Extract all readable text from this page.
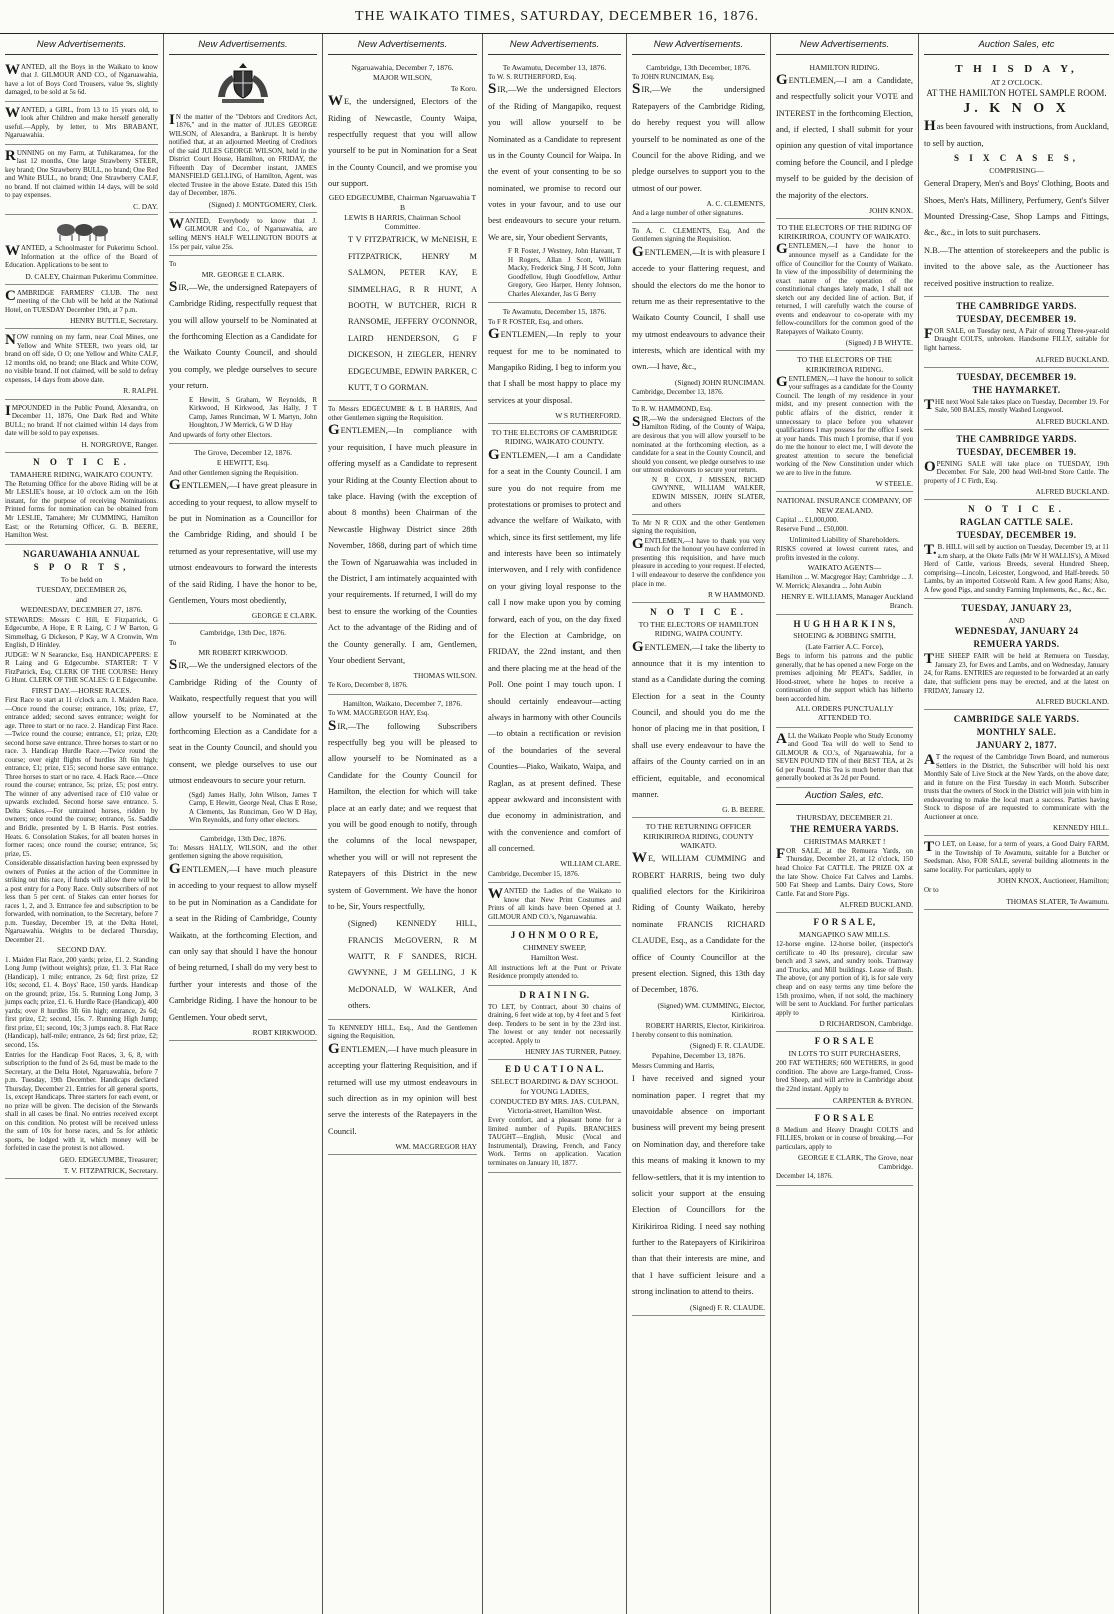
THE WAIKATO TIMES, SATURDAY, DECEMBER 16, 1876.
New Advertisements.

WANTED, all the Boys in the Waikato to know that J. GILMOUR AND CO., of Ngaruawahia, have a lot of Boys Cord Trousers, value 9s, slightly damaged, to be sold at 5s 6d.

WANTED, a GIRL, from 13 to 15 years old, to look after Children and make herself generally useful.—Apply, by letter, to Mrs BRABANT, Ngaruawahia.

RUNNING on my Farm, at Tuhikaramea, for the last 12 months, One large Strawberry STEER, key brand; One Strawberry BULL, no brand; One Red and White BULL, no brand; One Strawberry CALF, no brand. If not claimed within 14 days, will be sold to pay expenses.

C. DAY.

WANTED, a Schoolmaster for Pukerimu School. Information at the office of the Board of Education. Applications to be sent to

D. CALEY, Chairman Pukerimu Committee.

CAMBRIDGE FARMERS' CLUB. The next meeting of the Club will be held at the National Hotel, on TUESDAY December 19th, at 7 p.m.

HENRY BUTTLE, Secretary.

NOW running on my farm, near Coal Mines, one Yellow and White STEER, two years old, tar brand on off side, O O; one Yellow and White CALF, 12 months old, no brand; one Black and White COW, no visible brand. If not claimed, will be sold to defray expenses, 14 days from above date.

R. RALPH.

IMPOUNDED in the Public Pound, Alexandra, on December 11, 1876, One Dark Red and White BULL; no brand. If not claimed within 14 days from date will be sold to pay expenses.

H. NORGROVE, Ranger.
N O T I C E.
TAMAHERE RIDING, WAIKATO COUNTY.

The Returning Office for the above Riding will be at Mr LESLIE's house, at 10 o'clock a.m on the 16th instant, for the purpose of receiving Nominations. Printed forms for nomination can be obtained from Mr LESLIE, Tamahere; Mr CUMMING, Hamilton East; or the Returning Officer, G. B. BEERE, Hamilton West.

NGARUAWAHIA ANNUAL
S P O R T S,
To be held on
TUESDAY, DECEMBER 26,
and
WEDNESDAY, DECEMBER 27, 1876.

STEWARDS: Messrs C Hill, E Fitzpatrick, G Edgecumbe, A Hope, E R Laing, C J W Barton, G Simmelhag, G Dickeson, P Kay, W A Cronwin, Wm English, D Hinkley.

JUDGE: W N Searancke, Esq. HANDICAPPERS: E R Laing and G Edgecumbe. STARTER: T V FitzPatrick, Esq. CLERK OF THE COURSE: Henry G Hunt. CLERK OF THE SCALES: G E Edgecumbe.

FIRST DAY.—HORSE RACES.

First Race to start at 11 o'clock a.m. 1. Maiden Race.—Once round the course; entrance, 10s; prize, £7, entrance added; second saves entrance; weight for age. Three to start or no race. 2. Handicap First Race.—Twice round the course; entrance, £1; prize, £20; second horse save entrance. Three horses to start or no race. 3. Handicap Hurdle Race.—Twice round the course; over eight flights of hurdles 3ft 6in high; entrance, £1; prize, £15; second horse save entrance. Three horses to start or no race. 4. Hack Race.—Once round the course; entrance, 5s; prize, £5; post entry. The winner of any advertised race of £10 value or upwards excluded. Second horse save entrance. 5. Delta Stakes.—For untrained horses, ridden by owners; once round the course; entrance, 5s. Saddle and Bridle, presented by L B Harris. Post entries. Heats. 6. Consolation Stakes, for all beaten horses in former races; once round the course; entrance, 5s; prize, £5.

Considerable dissatisfaction having been expressed by owners of Ponies at the action of the Committee in striking out this race, if funds will allow there will be a post entry for a Pony Race. Only subscribers of not less than 5 per cent. of Stakes can enter horses for races 1, 2, and 3. Entrance fee and subscription to be forwarded, with nomination, to the Secretary, before 7 p.m. Tuesday, December 19, at the Delta Hotel, Ngaruawahia. Weights to be declared Thursday, December 21.

SECOND DAY.

1. Maiden Flat Race, 200 yards; prize, £1. 2. Standing Long Jump (without weights); prize, £1. 3. Flat Race (Handicap), 1 mile; entrance, 2s 6d; first prize, £2 10s; second, £1. 4. Boys' Race, 150 yards. Handicap on the ground; prize, 15s. 5. Running Long Jump, 3 jumps each; prize, £1. 6. Hurdle Race (Handicap), 400 yards; over 8 hurdles 3ft 6in high; entrance, 2s 6d; first prize, £2; second, 15s. 7. Running High Jump; first prize, £1; second, 10s; 3 jumps each. 8. Flat Race (Handicap), half-mile; entrance, 2s 6d; first prize, £2; second, 15s.

Entries for the Handicap Foot Races, 3, 6, 8, with subscription to the fund of 2s 6d, must be made to the Secretary, at the Delta Hotel, Ngaruawahia, before 7 p.m. Tuesday, 19th December. Handicaps declared Thursday, December 21. Entries for all general sports, 1s, except Handicaps. Three starters for each event, or no prize will be given. The decision of the Stewards shall in all cases be final. No entries received except on this condition. No protest will be received unless the sum of 10s for horse races, and 5s for athletic sports, be lodged with it, which money will be forfeited in case the protest is not allowed.

GEO. EDGECUMBE, Treasurer;
T. V. FITZPATRICK, Secretary.
New Advertisements.

IN the matter of the "Debtors and Creditors Act, 1876," and in the matter of JULES GEORGE WILSON, of Alexandra, a Bankrupt. It is hereby notified that, at an adjourned Meeting of Creditors of the said JULES GEORGE WILSON, held in the District Court House, Hamilton, on FRIDAY, the Fifteenth Day of December instant, JAMES MANSFIELD GELLING, of Hamilton, Agent, was elected Trustee in the above Estate. Dated this 15th day of December, 1876.

(Signed) J. MONTGOMERY, Clerk.

WANTED, Everybody to know that J. GILMOUR and Co., of Ngaruawahia, are selling MEN'S HALF WELLINGTON BOOTS at 15s per pair, value 25s.

To

MR. GEORGE E CLARK.

SIR,—We, the undersigned Ratepayers of Cambridge Riding, respectfully request that you will allow yourself to be Nominated at the forthcoming Election as a Candidate for the Waikato County Council, and should you comply, we pledge ourselves to secure your return.

E Hewitt, S Graham, W Reynolds, R Kirkwood, H Kirkwood, Jas Hally, J T Camp, James Runciman, W L Martyn, John Houghton, J W Merrick, G W D Hay

And upwards of forty other Electors.

The Grove, December 12, 1876.
E HEWITT, Esq.

And other Gentlemen signing the Requisition.

GENTLEMEN,—I have great pleasure in acceding to your request, to allow myself to be put in Nomination as a Councillor for the Cambridge Riding, and should I be returned as your representative, will use my utmost endeavours to forward the interests of the said Riding. I have the honor to be, Gentlemen, Yours most obediently,

GEORGE E CLARK.
Cambridge, 13th Dec, 1876.

To

MR ROBERT KIRKWOOD.

SIR,—We the undersigned electors of the Cambridge Riding of the County of Waikato, respectfully request that you will allow yourself to be Nominated at the forthcoming Election as a Candidate for a seat in the County Council, and should you consent, we pledge ourselves to use our utmost endeavours to secure your return.

(Sgd) James Hally, John Wilson, James T Camp, E Hewitt, George Neal, Chas E Rose, A Clements, Jas Runciman, Geo W D Hay, Wm Reynolds, and forty other electors.

Cambridge, 13th Dec, 1876.

To: Messrs HALLY, WILSON, and the other gentlemen signing the above requisition,

GENTLEMEN,—I have much pleasure in acceding to your request to allow myself to be put in Nomination as a Candidate for a seat in the Riding of Cambridge, County Waikato, at the forthcoming Election, and can only say that should I have the honour of being returned, I shall do my very best to further your interests and those of the Cambridge Riding. I have the honour to be Gentlemen. Your obedt servt,

ROBT KIRKWOOD.
New Advertisements.
Ngaruawahia, December 7, 1876.
MAJOR WILSON,
Te Koro.

WE, the undersigned, Electors of the Riding of Newcastle, County Waipa, respectfully request that you will allow yourself to be put in Nomination for a Seat in the County Council, and we promise you our support.

GEO EDGECUMBE, Chairman Ngaruawahia T B
LEWIS B HARRIS, Chairman School Committee.

T V FITZPATRICK, W McNEISH, E FITZPATRICK, HENRY M SALMON, PETER KAY, E SIMMELHAG, R R HUNT, A BOOTH, W BUTCHER, RICH R RANSOME, JEFFERY O'CONNOR, LAIRD HENDERSON, G F DICKESON, H ZIEGLER, HENRY EDGECUMBE, EDWIN PARKER, C KUTT, T O GORMAN.

To Messrs EDGECUMBE & L B HARRIS, And other Gentlemen signing the Requisition.

GENTLEMEN,—In compliance with your requisition, I have much pleasure in offering myself as a Candidate to represent your Riding at the County Election about to take place. Having (with the exception of about 8 months) been Chairman of the Newcastle Highway District since 28th November, 1868, during part of which time the Town of Ngaruawahia was included in the District, I am intimately acquainted with your requirements. If returned, I will do my best to ensure the working of the Counties Act to the advantage of the Riding and of the County generally. I am, Gentlemen, Your obedient Servant,

THOMAS WILSON.

Te Koro, December 8, 1876.

Hamilton, Waikato, December 7, 1876.

To WM. MACGREGOR HAY, Esq.

SIR,—The following Subscribers respectfully beg you will be pleased to allow yourself to be Nominated as a Candidate for the County Council for Hamilton, the election for which will take place at an early date; and we request that you will be good enough to notify, through the columns of the local newspaper, whether you will or will not represent the Ratepayers of this District in the new system of Government. We have the honor to be, Sir, Yours respectfully,

(Signed) KENNEDY HILL, FRANCIS McGOVERN, R M WAITT, R F SANDES, RICH. GWYNNE, J M GELLING, J K McDONALD, W WALKER, And others.

To KENNEDY HILL, Esq., And the Gentlemen signing the Requisition,

GENTLEMEN,—I have much pleasure in accepting your flattering Requisition, and if returned will use my utmost endeavours in such direction as in my opinion will best serve the interests of the Ratepayers in the Council.

WM. MACGREGOR HAY
New Advertisements.
Te Awamutu, December 13, 1876.

To W. S. RUTHERFORD, Esq.

SIR,—We the undersigned Electors of the Riding of Mangapiko, request you will allow yourself to be Nominated as a Candidate to represent us in the County Council for Waipa. In the event of your consenting to be so nominated, we promise to record our votes in your favour, and to use our best endeavours to secure your return. We are, sir, Your obedient Servants,

F R Foster, J Westney, John Hareant, T H Rogers, Allan J Scott, William Macky, Frederick Sing, J H Scott, John Goodfellow, Hugh Goodfellow, Arthur Gregory, Geo Harper, Henry Johnson, Charles Alexander, Jas G Berry

Te Awamutu, December 15, 1876.

To F R FOSTER, Esq, and others.

GENTLEMEN,—In reply to your request for me to be nominated to Mangapiko Riding, I beg to inform you that I shall be most happy to place my services at your disposal.

W S RUTHERFORD.
TO THE ELECTORS OF CAMBRIDGE RIDING, WAIKATO COUNTY.

GENTLEMEN,—I am a Candidate for a seat in the County Council. I am sure you do not require from me protestations or promises to protect and advance the welfare of Waikato, with which, since its first settlement, my life and interests have been so intimately interwoven, and I rely with confidence on your giving loyal response to the call I now make upon you by coming forward, each of you, on the day fixed for the Election at Cambridge, on FRIDAY, the 22nd instant, and then and there placing me at the head of the Poll. One point I may touch upon. I should certainly endeavour—acting always in harmony with other Councils—to obtain a rectification or revision of the boundaries of the several Counties—Piako, Waikato, Waipa, and Raglan, as at present defined. These appear awkward and inconsistent with due economy in administration, and with the convenience and comfort of all concerned.

WILLIAM CLARE.

Cambridge, December 15, 1876.

WANTED the Ladies of the Waikato to know that New Print Costumes and Prints of all kinds have been Opened at J. GILMOUR AND CO.'s, Ngaruawahia.

J O H N M O O R E,
CHIMNEY SWEEP,
Hamilton West.

All instructions left at the Punt or Private Residence promptly attended to.

D R A I N I N G.

TO LET, by Contract, about 30 chains of draining, 6 feet wide at top, by 4 feet and 5 feet deep. Tenders to be sent in by the 23rd inst. The lowest or any tender not necessarily accepted. Apply to

HENRY JAS TURNER, Putney.
E D U C A T I O N A L.
SELECT BOARDING & DAY SCHOOL for YOUNG LADIES,
CONDUCTED BY MRS. JAS. CULPAN, Victoria-street, Hamilton West.

Every comfort, and a pleasant home for a limited number of Pupils. BRANCHES TAUGHT—English, Music (Vocal and Instrumental), Drawing, French, and Fancy Work. Terms on application. Vacation terminates on January 10, 1877.

New Advertisements.
Cambridge, 13th December, 1876.

To JOHN RUNCIMAN, Esq.

SIR,—We the undersigned Ratepayers of the Cambridge Riding, do hereby request you will allow yourself to be nominated as one of the Council for the above Riding, and we pledge ourselves to support you to the utmost of our power.

A. C. CLEMENTS,

And a large number of other signatures.

To A. C. CLEMENTS, Esq, And the Gentlemen signing the Requisition.

GENTLEMEN,—It is with pleasure I accede to your flattering request, and should the electors do me the honor to return me as their representative to the Waikato County Council, I shall use my utmost endeavours to advance their interests, which are identical with my own.—I have, &c.,

(Signed) JOHN RUNCIMAN.

Cambridge, December 13, 1876.

To R. W. HAMMOND, Esq.

SIR,—We the undersigned Electors of the Hamilton Riding, of the County of Waipa, are desirous that you will allow yourself to be nominated at the forthcoming election, as a candidate for a seat in the County Council, and should you consent, we pledge ourselves to use our utmost endeavours to secure your return.

N R COX, J MISSEN, RICHD GWYNNE, WILLIAM WALKER, EDWIN MISSEN, JOHN SLATER, and others

To Mr N R COX and the other Gentlemen signing the requisition,

GENTLEMEN,—I have to thank you very much for the honour you have conferred in presenting this requisition, and have much pleasure in acceding to your request. If elected, I will endeavour to deserve the confidence you place in me.

R W HAMMOND.
N O T I C E.
TO THE ELECTORS OF HAMILTON RIDING, WAIPA COUNTY.

GENTLEMEN,—I take the liberty to announce that it is my intention to stand as a Candidate during the coming Election for a seat in the County Council, and should you do me the honor of placing me in that position, I shall use every endeavour to have the affairs of the County carried on in an efficient, equitable, and economical manner.

G. B. BEERE.
TO THE RETURNING OFFICER KIRIKIRIROA RIDING, COUNTY WAIKATO.

WE, WILLIAM CUMMING and ROBERT HARRIS, being two duly qualified electors for the Kirikiriroa Riding of County Waikato, hereby nominate FRANCIS RICHARD CLAUDE, Esq., as a Candidate for the office of County Councillor at the present election. Signed, this 13th day of December, 1876.

(Signed) WM. CUMMING, Elector, Kirikiriroa.
ROBERT HARRIS, Elector, Kirikiriroa.

I hereby consent to this nomination.

(Signed) F. R. CLAUDE.
Pepahine, December 13, 1876.

Messrs Cumming and Harris,

I have received and signed your nomination paper. I regret that my unavoidable absence on important business will prevent my being present on Nomination day, and therefore take this means of making it known to my fellow-settlers, that it is my intention to solicit your support at the ensuing Election of Councillors for the Kirikiriroa Riding. I need say nothing further to the Ratepayers of Kirikiriroa than that their interests are mine, and that I have sufficient leisure and a strong inclination to attend to theirs.

(Signed) F. R. CLAUDE.
New Advertisements.
HAMILTON RIDING.

GENTLEMEN,—I am a Candidate, and respectfully solicit your VOTE and INTEREST in the forthcoming Election, and, if elected, I shall submit for your opinion any question of vital importance coming before the Council, and I pledge myself to be guided by the decision of the majority of the electors.

JOHN KNOX.
TO THE ELECTORS OF THE RIDING OF KIRIKIRIROA, COUNTY OF WAIKATO.

GENTLEMEN,—I have the honor to announce myself as a Candidate for the office of Councillor for the County of Waikato. In view of the impossibility of determining the exact nature of the operation of the constitutional changes lately made, I shall not sketch out any decided line of action. But, if returned, I will carefully watch the course of events and endeavour to co-operate with my fellow-councillors for the common good of the Ratepayers of Waikato County.

(Signed) J B WHYTE.
TO THE ELECTORS OF THE KIRIKIRIROA RIDING.

GENTLEMEN,—I have the honour to solicit your suffrages as a candidate for the County Council. The length of my residence in your midst, and my present connection with the public affairs of the district, render it unnecessary to place before you whatever qualifications I may possess for the office I seek at your hands. This much I promise, that if you do me the honour to elect me, I will devote the greatest attention to secure the beneficial working of the New Constitution under which we are to live in the future.

W STEELE.
NATIONAL INSURANCE COMPANY, OF NEW ZEALAND.

Capital ... £1,000,000.

Reserve Fund ... £50,000.

Unlimited Liability of Shareholders.

RISKS covered at lowest current rates, and profits invested in the colony.

WAIKATO AGENTS—

Hamilton ... W. Macgregor Hay; Cambridge ... J. W. Merrick; Alexandra ... John Aubin

HENRY E. WILLIAMS, Manager Auckland Branch.
H U G H H A R K I N S,
SHOEING & JOBBING SMITH,
(Late Farrier A.C. Force),

Begs to inform his patrons and the public generally, that he has opened a new Forge on the premises adjoining Mr PEAT's, Saddler, in Hood-street, where he hopes to receive a continuation of the support which has hitherto been accorded him.

ALL ORDERS PUNCTUALLY ATTENDED TO.

ALL the Waikato People who Study Economy and Good Tea will do well to Send to GILMOUR & CO.'s, of Ngaruawahia, for a SEVEN POUND TIN of their BEST TEA, at 2s 6d per Pound. This Tea is much better than that generally booked at 3s 2d per Pound.

Auction Sales, etc.
THURSDAY, DECEMBER 21.
THE REMUERA YARDS.
CHRISTMAS MARKET !

FOR SALE, at the Remuera Yards, on Thursday, December 21, at 12 o'clock, 150 head Choice Fat CATTLE. The PRIZE OX at the late Show. Choice Fat Calves and Lambs. 500 Fat Sheep and Lambs. Dairy Cows, Store Cattle. Fat and Store Pigs.

ALFRED BUCKLAND.
F O R S A L E,
MANGAPIKO SAW MILLS.

12-horse engine. 12-horse boiler, (inspector's certificate to 40 lbs pressure), circular saw bench and 3 saws, and sundry tools. Tramway and Trucks, and Mill buildings. Lease of Bush. The above, (or any portion of it), is for sale very cheap and on easy terms any time before the 15th proximo, when, if not sold, the machinery will be sent to Auckland. For further particulars apply to

D RICHARDSON, Cambridge.
F O R S A L E
IN LOTS TO SUIT PURCHASERS,

200 FAT WETHERS; 600 WETHERS, in good condition. The above are Large-framed, Cross-bred Sheep, and will arrive in Cambridge about the 22nd instant. Apply to

CARPENTER & BYRON.
F O R S A L E

8 Medium and Heavy Draught COLTS and FILLIES, broken or in course of breaking.—For particulars, apply to

GEORGE E CLARK, The Grove, near Cambridge.

December 14, 1876.

Auction Sales, etc
T H I S D A Y,
AT 2 O'CLOCK.
AT THE HAMILTON HOTEL SAMPLE ROOM.
J. K N O X

Has been favoured with instructions, from Auckland, to sell by auction,

S I X C A S E S,
COMPRISING—

General Drapery, Men's and Boys' Clothing, Boots and Shoes, Men's Hats, Millinery, Perfumery, Gent's Silver Mounted Dressing-Case, Shop Lamps and Fittings, &c., &c., in lots to suit purchasers.

N.B.—The attention of storekeepers and the public is invited to the above sale, as the Auctioneer has received positive instruction to realize.

THE CAMBRIDGE YARDS.
TUESDAY, DECEMBER 19.

FOR SALE, on Tuesday next, A Pair of strong Three-year-old Draught COLTS, unbroken. Handsome FILLY, suitable for light harness.

ALFRED BUCKLAND.
TUESDAY, DECEMBER 19.
THE HAYMARKET.

THE next Wool Sale takes place on Tuesday, December 19. For Sale, 500 BALES, mostly Washed Longwool.

ALFRED BUCKLAND.
THE CAMBRIDGE YARDS.
TUESDAY, DECEMBER 19.

OPENING SALE will take place on TUESDAY, 19th December. For Sale, 200 head Well-bred Store Cattle. The property of J C Firth, Esq.

ALFRED BUCKLAND.
N O T I C E.
RAGLAN CATTLE SALE.
TUESDAY, DECEMBER 19.

T.B. HILL will sell by auction on Tuesday, December 19, at 11 a.m sharp, at the Okete Falls (Mr W H WALLIS's), A Mixed Herd of Cattle, various Breeds, several Hundred Sheep, comprising—Lincoln, Leicester, Longwood, and Half-breeds. 50 Lambs, by an imported Cotswold Ram. A few good Rams; Also, A few good Pigs, and sundry Farming Implements, &c., &c., &c.

TUESDAY, JANUARY 23,
AND
WEDNESDAY, JANUARY 24
REMUERA YARDS.

THE SHEEP FAIR will be held at Remuera on Tuesday, January 23, for Ewes and Lambs, and on Wednesday, January 24, for Rams. ENTRIES are requested to be forwarded at an early date, that sufficient pens may be erected, and at the latest on FRIDAY, January 12.

ALFRED BUCKLAND.
CAMBRIDGE SALE YARDS.
MONTHLY SALE.
JANUARY 2, 1877.

AT the request of the Cambridge Town Board, and numerous Settlers in the District, the Subscriber will hold his next Monthly Sale of Live Stock at the New Yards, on the above date; and in future on the First Tuesday in each Month. Subscriber trusts that the owners of Stock in the District will join with him in endeavouring to make the local mart a success. Parties having Stock to dispose of are requested to communicate with the Auctioneer at once.

KENNEDY HILL.

TO LET, on Lease, for a term of years, a Good Dairy FARM, in the Township of Te Awamutu, suitable for a Butcher or Seedsman. Also, FOR SALE, several building allotments in the same locality. For particulars, apply to

JOHN KNOX, Auctioneer, Hamilton;

Or to

THOMAS SLATER, Te Awamutu.
